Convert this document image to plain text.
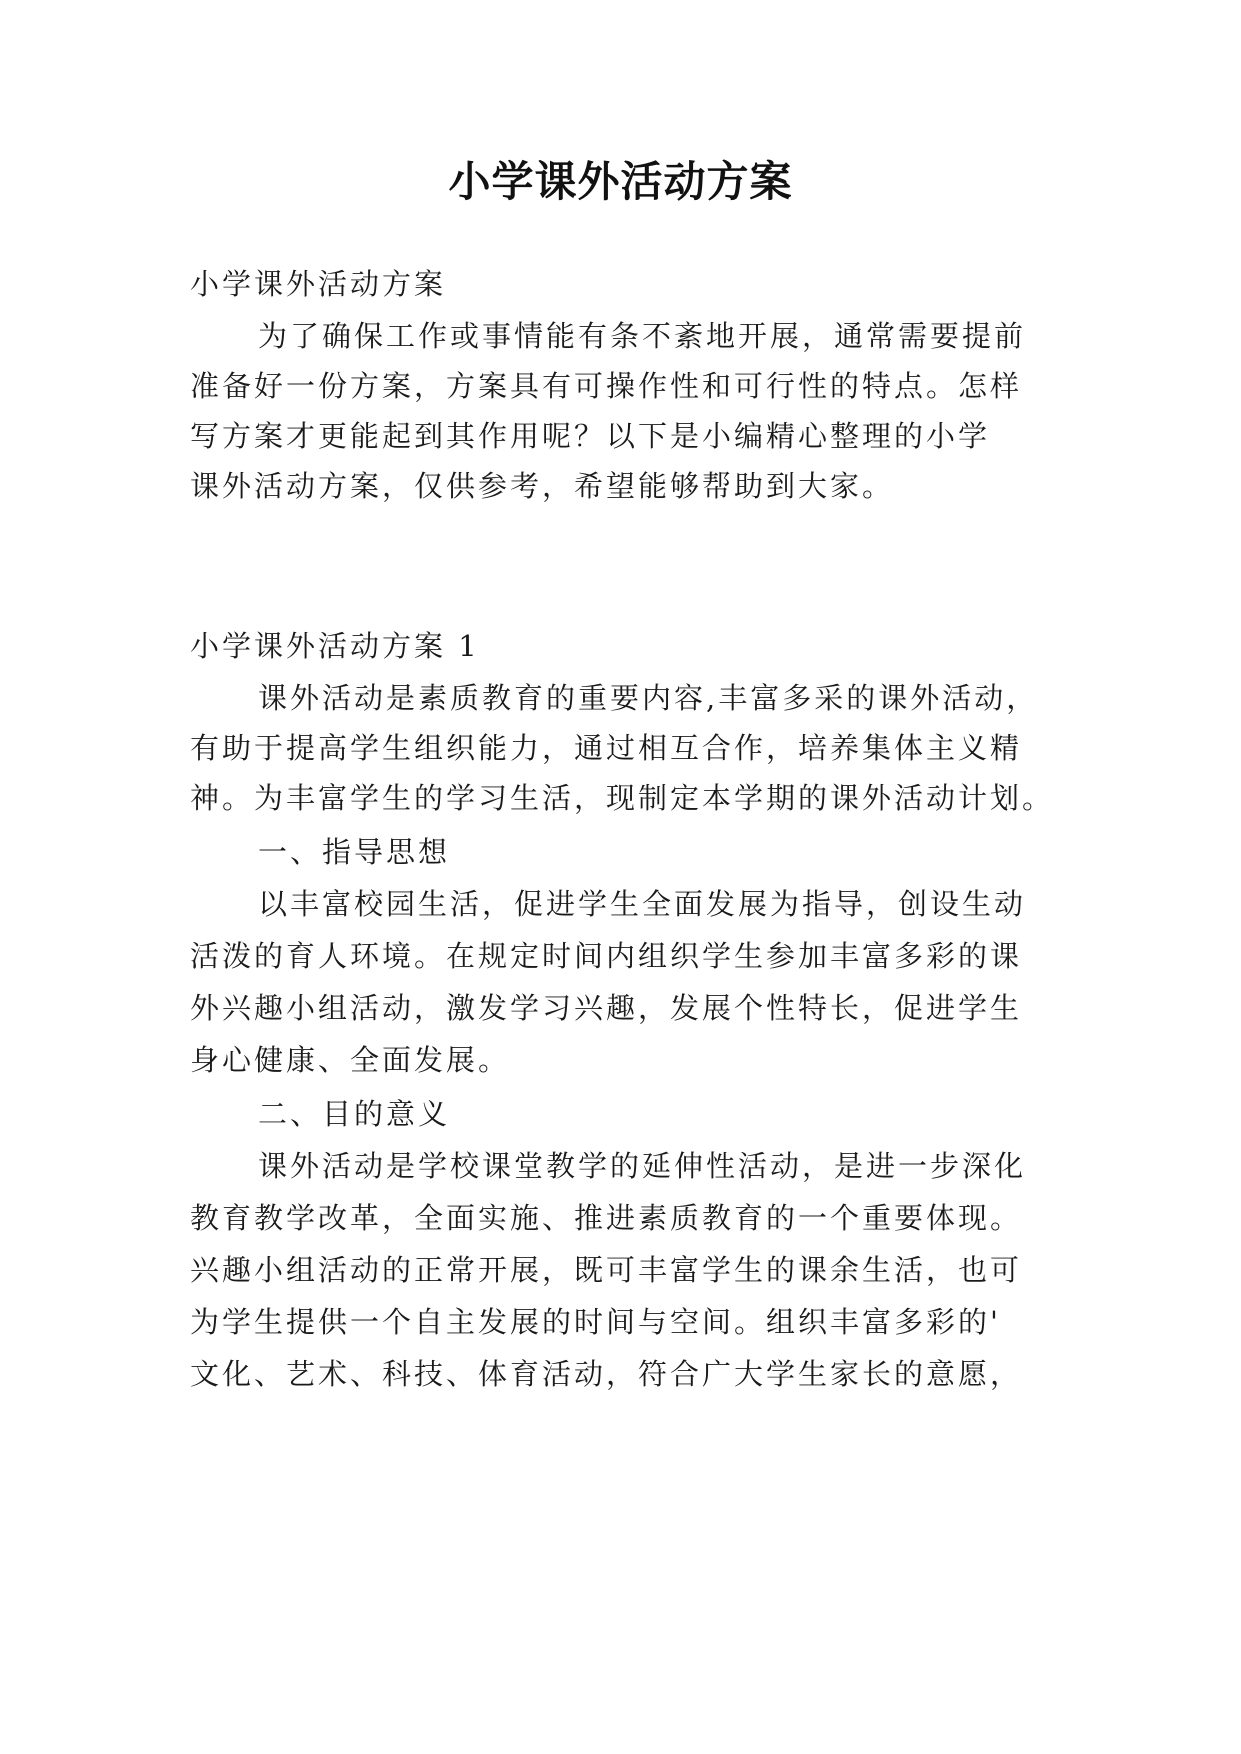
小学课外活动方案

小学课外活动方案

为了确保工作或事情能有条不紊地开展，通常需要提前

准备好一份方案，方案具有可操作性和可行性的特点。怎样

写方案才更能起到其作用呢？以下是小编精心整理的小学

课外活动方案，仅供参考，希望能够帮助到大家。

小学课外活动方案 1

课外活动是素质教育的重要内容,丰富多采的课外活动，

有助于提高学生组织能力，通过相互合作，培养集体主义精

神。为丰富学生的学习生活，现制定本学期的课外活动计划。

一、指导思想

以丰富校园生活，促进学生全面发展为指导，创设生动

活泼的育人环境。在规定时间内组织学生参加丰富多彩的课

外兴趣小组活动，激发学习兴趣，发展个性特长，促进学生

身心健康、全面发展。

二、目的意义

课外活动是学校课堂教学的延伸性活动，是进一步深化

教育教学改革，全面实施、推进素质教育的一个重要体现。

兴趣小组活动的正常开展，既可丰富学生的课余生活，也可

为学生提供一个自主发展的时间与空间。组织丰富多彩的'

文化、艺术、科技、体育活动，符合广大学生家长的意愿，
